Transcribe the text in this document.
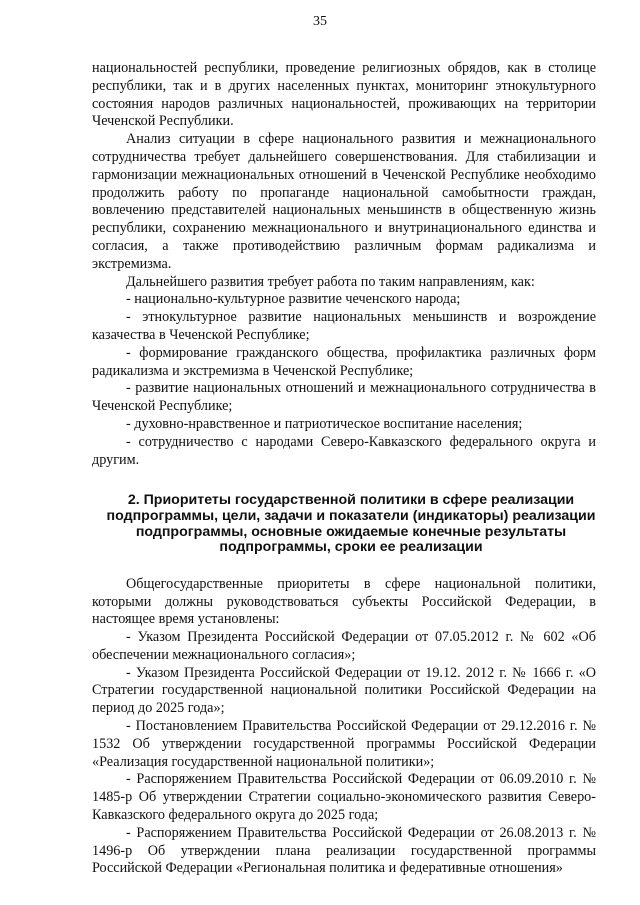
35

национальностей республики, проведение религиозных обрядов, как в столице республики, так и в других населенных пунктах, мониторинг этнокультурного состояния народов различных национальностей, проживающих на территории Чеченской Республики.

Анализ ситуации в сфере национального развития и межнационального сотрудничества требует дальнейшего совершенствования. Для стабилизации и гармонизации межнациональных отношений в Чеченской Республике необходимо продолжить работу по пропаганде национальной самобытности граждан, вовлечению представителей национальных меньшинств в общественную жизнь республики, сохранению межнационального и внутринационального единства и согласия, а также противодействию различным формам радикализма и экстремизма.

Дальнейшего развития требует работа по таким направлениям, как:

- национально-культурное развитие чеченского народа;

- этнокультурное развитие национальных меньшинств и возрождение казачества в Чеченской Республике;

- формирование гражданского общества, профилактика различных форм радикализма и экстремизма в Чеченской Республике;

- развитие национальных отношений и межнационального сотрудничества в Чеченской Республике;

- духовно-нравственное и патриотическое воспитание населения;

- сотрудничество с народами Северо-Кавказского федерального округа и другим.

2. Приоритеты государственной политики в сфере реализации подпрограммы, цели, задачи и показатели (индикаторы) реализации подпрограммы, основные ожидаемые конечные результаты подпрограммы, сроки ее реализации

Общегосударственные приоритеты в сфере национальной политики, которыми должны руководствоваться субъекты Российской Федерации, в настоящее время установлены:

- Указом Президента Российской Федерации от 07.05.2012 г. № 602 «Об обеспечении межнационального согласия»;

- Указом Президента Российской Федерации от 19.12. 2012 г. № 1666 г. «О Стратегии государственной национальной политики Российской Федерации на период до 2025 года»;

- Постановлением Правительства Российской Федерации от 29.12.2016 г. № 1532 Об утверждении государственной программы Российской Федерации «Реализация государственной национальной политики»;

- Распоряжением Правительства Российской Федерации от 06.09.2010 г. № 1485-р Об утверждении Стратегии социально-экономического развития Северо-Кавказского федерального округа до 2025 года;

- Распоряжением Правительства Российской Федерации от 26.08.2013 г. № 1496-р Об утверждении плана реализации государственной программы Российской Федерации «Региональная политика и федеративные отношения»
